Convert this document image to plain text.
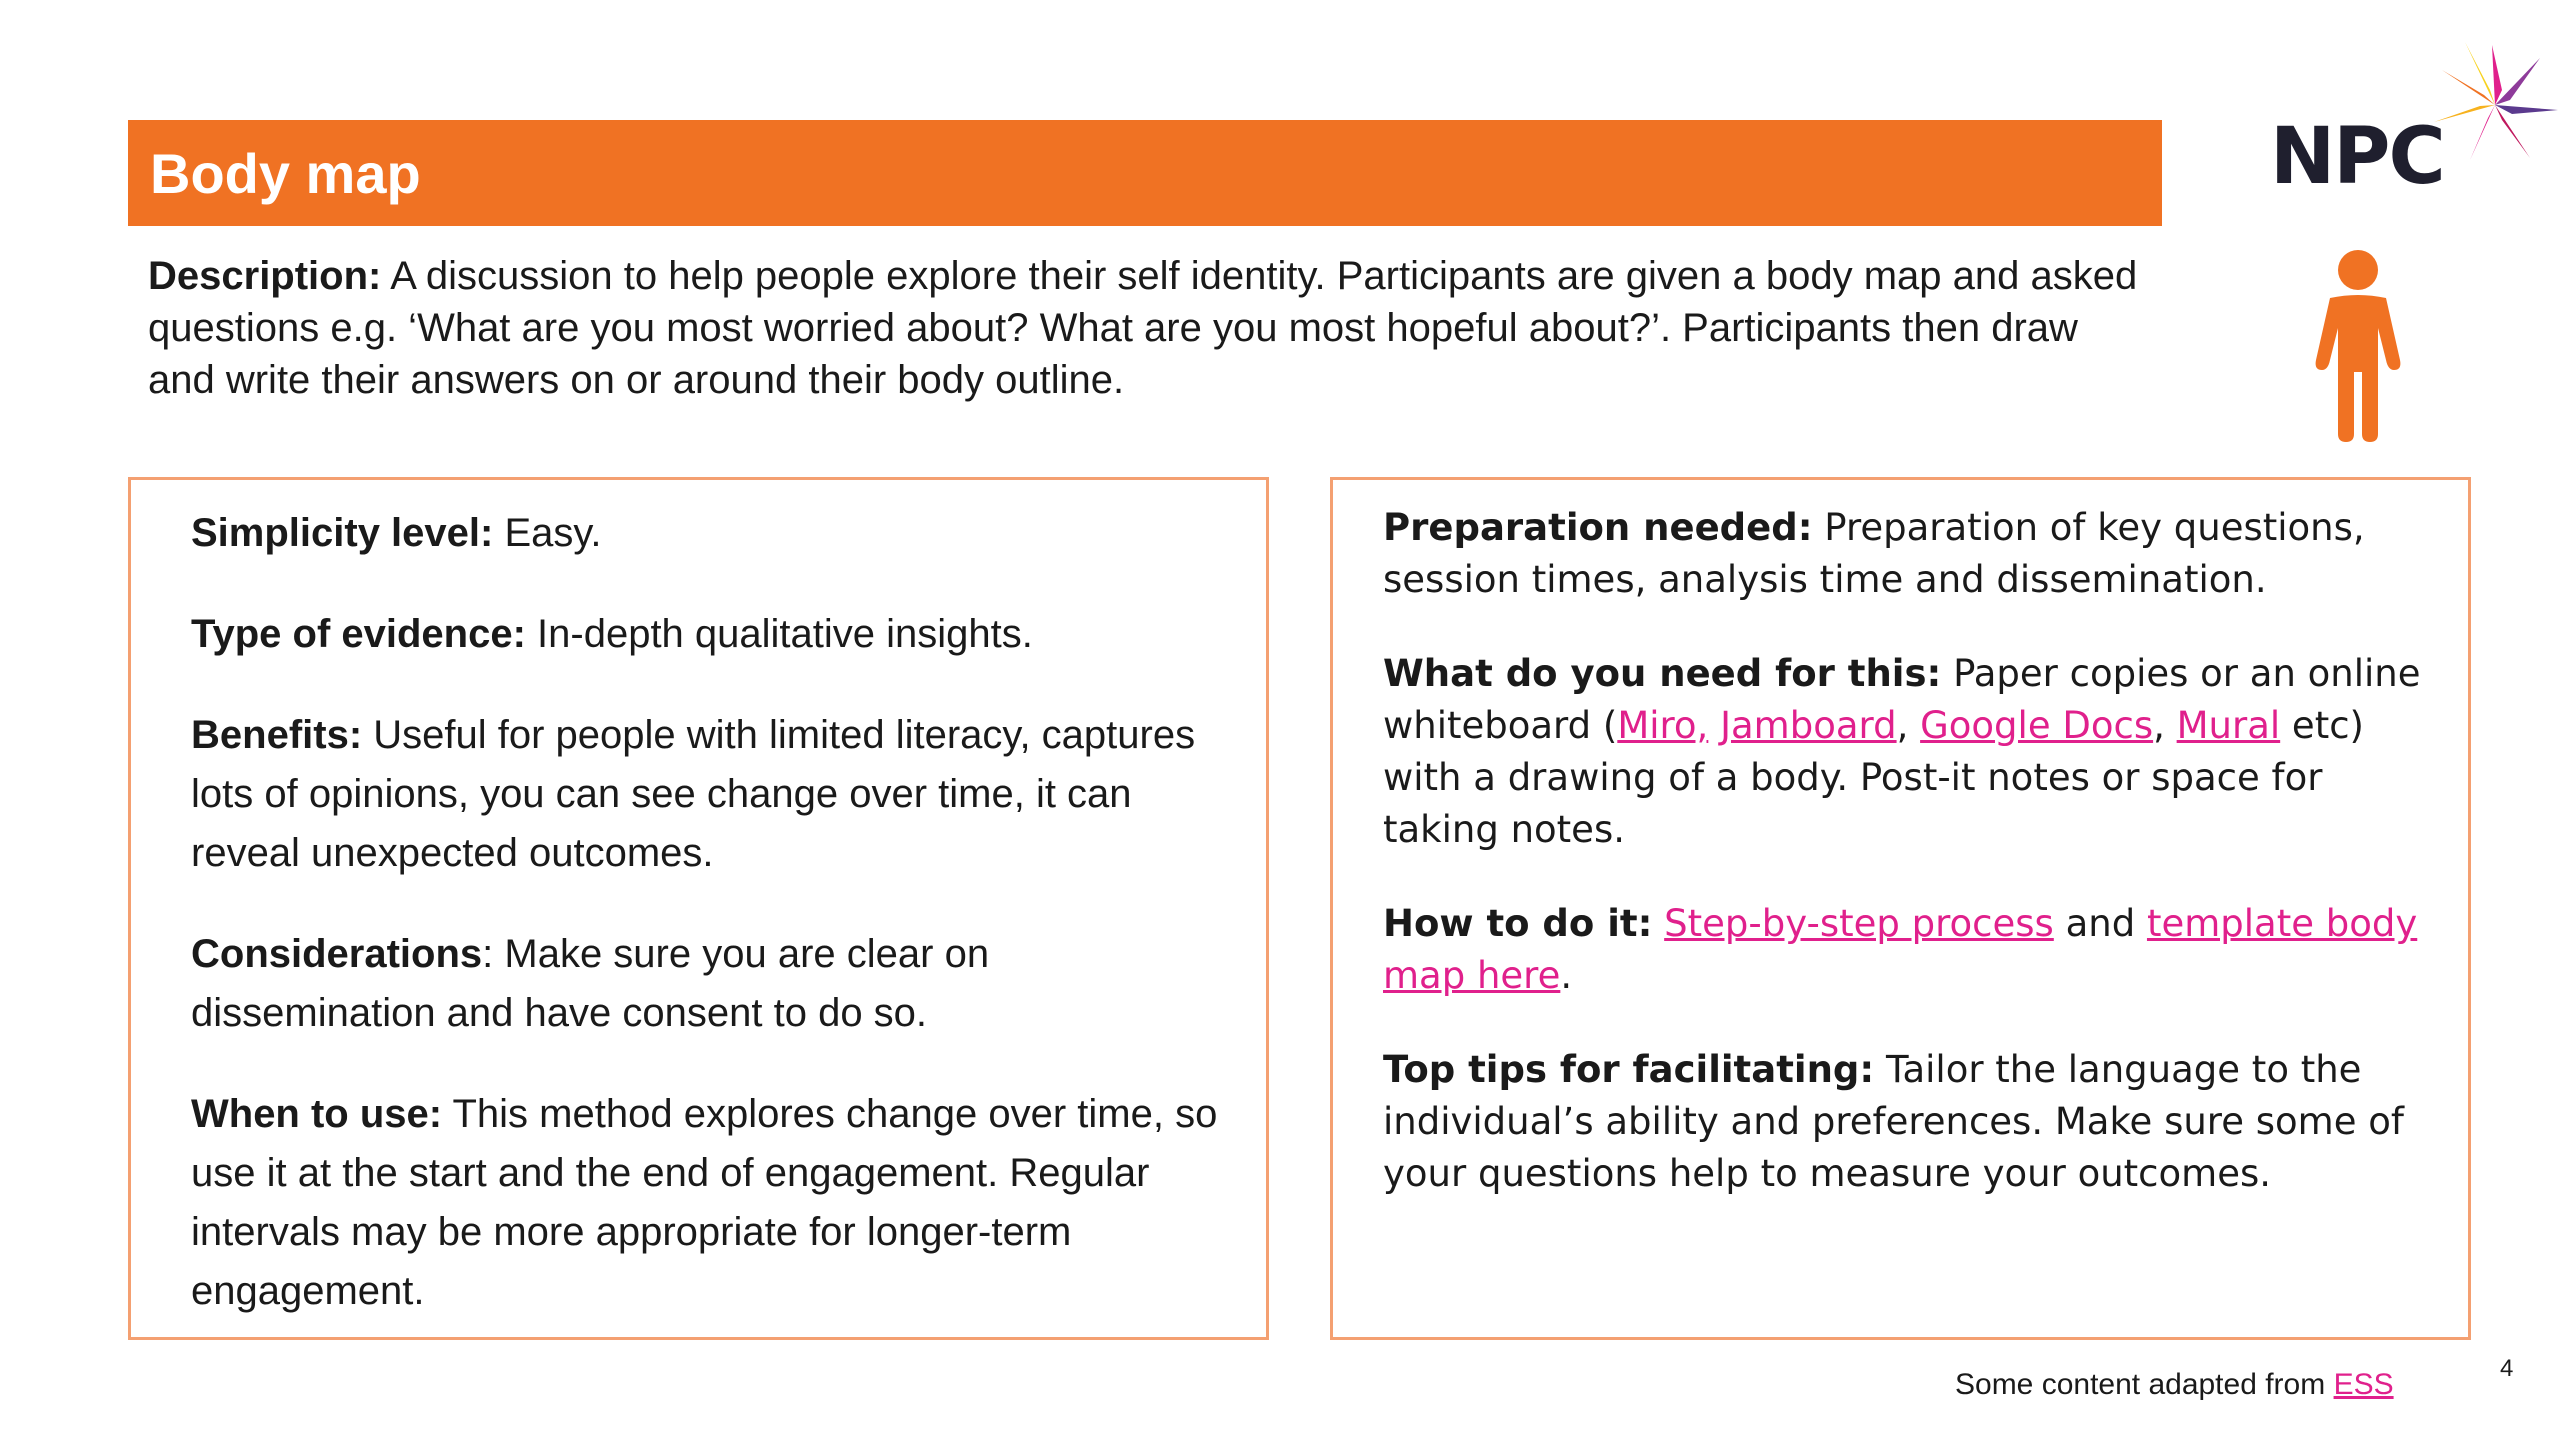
Body map	NPC
Description: A discussion to help people explore their self identity. Participants are given a body map and asked questions e.g. ‘What are you most worried about? What are you most hopeful about?’. Participants then draw and write their answers on or around their body outline.

Simplicity level: Easy.

Type of evidence: In-depth qualitative insights.

Benefits: Useful for people with limited literacy, captures lots of opinions, you can see change over time, it can reveal unexpected outcomes.

Considerations: Make sure you are clear on dissemination and have consent to do so.

When to use: This method explores change over time, so use it at the start and the end of engagement. Regular intervals may be more appropriate for longer-term engagement.

Preparation needed: Preparation of key questions, session times, analysis time and dissemination.

What do you need for this: Paper copies or an online whiteboard (Miro, Jamboard, Google Docs, Mural etc) with a drawing of a body. Post-it notes or space for taking notes.

How to do it: Step-by-step process and template body map here.

Top tips for facilitating: Tailor the language to the individual’s ability and preferences. Make sure some of your questions help to measure your outcomes.

Some content adapted from ESS	4
